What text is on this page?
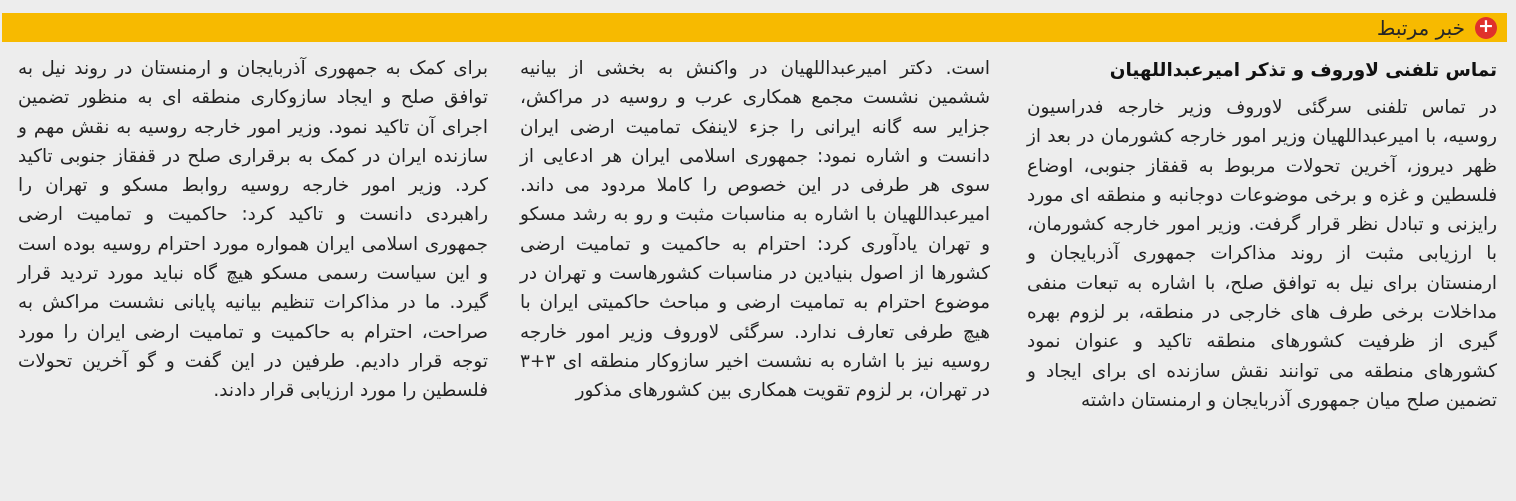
+
خبر مرتبط
تماس تلفنی لاوروف و تذکر امیرعبداللهیان

در تماس تلفنی سرگئی لاوروف وزیر خارجه فدراسیون روسیه، با امیرعبداللهیان وزیر امور خارجه کشورمان در بعد از ظهر دیروز، آخرین تحولات مربوط به قفقاز جنوبی، اوضاع فلسطین و غزه و برخی موضوعات دوجانبه و منطقه ای مورد رایزنی و تبادل نظر قرار گرفت. وزیر امور خارجه کشورمان، با ارزیابی مثبت از روند مذاکرات جمهوری آذربایجان و ارمنستان برای نیل به توافق صلح، با اشاره به تبعات منفی مداخلات برخی طرف های خارجی در منطقه، بر لزوم بهره گیری از ظرفیت کشورهای منطقه تاکید و عنوان نمود کشورهای منطقه می توانند نقش سازنده ای برای ایجاد و تضمین صلح میان جمهوری آذربایجان و ارمنستان داشته

است. دکتر امیرعبداللهیان در واکنش به بخشی از بیانیه ششمین نشست مجمع همکاری عرب و روسیه در مراکش، جزایر سه گانه ایرانی را جزء لاینفک تمامیت ارضی ایران دانست و اشاره نمود: جمهوری اسلامی ایران هر ادعایی از سوی هر طرفی در این خصوص را کاملا مردود می داند. امیرعبداللهیان با اشاره به مناسبات مثبت و رو به رشد مسکو و تهران یادآوری کرد: احترام به حاکمیت و تمامیت ارضی کشورها از اصول بنیادین در مناسبات کشورهاست و تهران در موضوع احترام به تمامیت ارضی و مباحث حاکمیتی ایران با هیچ طرفی تعارف ندارد. سرگئی لاوروف وزیر امور خارجه روسیه نیز با اشاره به نشست اخیر سازوکار منطقه ای ۳+۳ در تهران، بر لزوم تقویت همکاری بین کشورهای مذکور

برای کمک به جمهوری آذربایجان و ارمنستان در روند نیل به توافق صلح و ایجاد سازوکاری منطقه ای به منظور تضمین اجرای آن تاکید نمود. وزیر امور خارجه روسیه به نقش مهم و سازنده ایران در کمک به برقراری صلح در قفقاز جنوبی تاکید کرد. وزیر امور خارجه روسیه روابط مسکو و تهران را راهبردی دانست و تاکید کرد: حاکمیت و تمامیت ارضی جمهوری اسلامی ایران همواره مورد احترام روسیه بوده است و این سیاست رسمی مسکو هیچ گاه نباید مورد تردید قرار گیرد. ما در مذاکرات تنظیم بیانیه پایانی نشست مراکش به صراحت، احترام به حاکمیت و تمامیت ارضی ایران را مورد توجه قرار دادیم. طرفین در این گفت و گو آخرین تحولات فلسطین را مورد ارزیابی قرار دادند.
